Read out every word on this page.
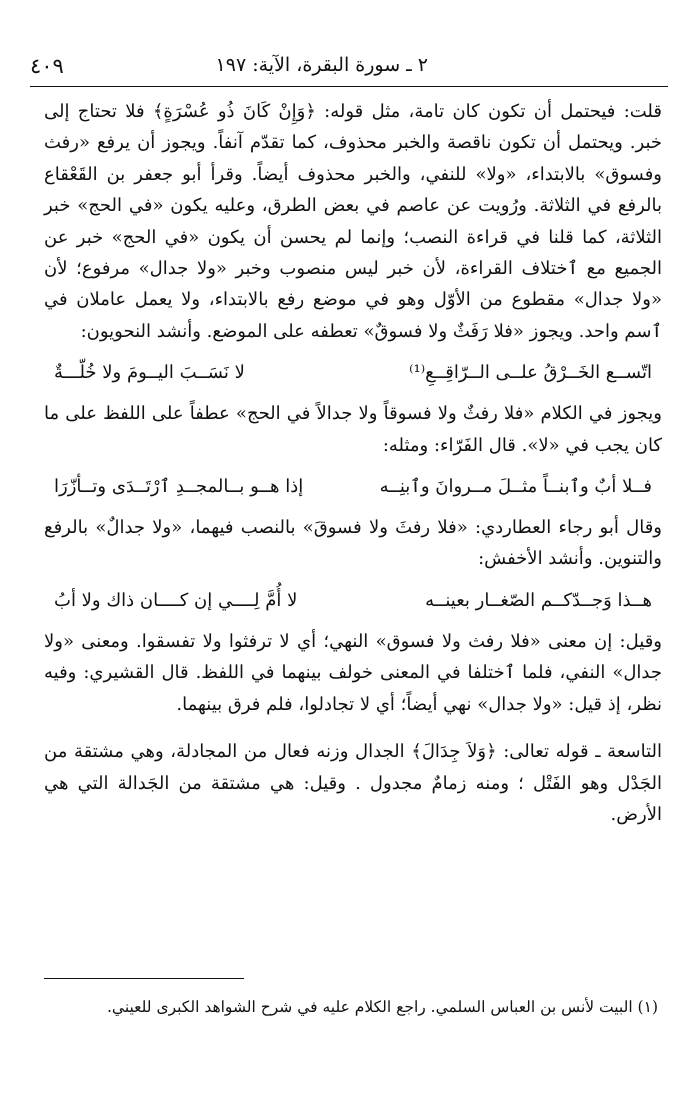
٢ ـ سورة البقرة، الآية: ١٩٧
٤٠٩

قلت: فيحتمل أن تكون كان تامة، مثل قوله: ﴿وَإِنْ كَانَ ذُو عُسْرَةٍ﴾ فلا تحتاج إلى خبر. ويحتمل أن تكون ناقصة والخبر محذوف، كما تقدّم آنفاً. ويجوز أن يرفع «رفث وفسوق» بالابتداء، «ولا» للنفي، والخبر محذوف أيضاً. وقرأ أبو جعفر بن القَعْقاع بالرفع في الثلاثة. ورُويت عن عاصم في بعض الطرق، وعليه يكون «في الحج» خبر الثلاثة، كما قلنا في قراءة النصب؛ وإنما لم يحسن أن يكون «في الحج» خبر عن الجميع مع ٱختلاف القراءة، لأن خبر ليس منصوب وخبر «ولا جدال» مرفوع؛ لأن «ولا جدال» مقطوع من الأوّل وهو في موضع رفع بالابتداء، ولا يعمل عاملان في ٱسم واحد. ويجوز «فلا رَفَثٌ ولا فسوقٌ» تعطفه على الموضع. وأنشد النحويون:

اتّســع الخَــرْقُ علــى الــرّاقِــعِ⁽¹⁾
لا نَسَــبَ اليــومَ ولا خُلّـــةٌ

ويجوز في الكلام «فلا رفثٌ ولا فسوقاً ولا جدالاً في الحج» عطفاً على اللفظ على ما كان يجب في «لا». قال الفَرّاء: ومثله:

فــلا أبٌ وٱبنــاً مثــلَ مــروانَ وٱبنِــه
إذا هــو بــالمجــدِ ٱرْتَــدَى وتــأزّرَا

وقال أبو رجاء العطاردي: «فلا رفثَ ولا فسوقَ» بالنصب فيهما، «ولا جدالٌ» بالرفع والتنوين. وأنشد الأخفش:

هــذا وَجــدّكــم الصّغــار بعينــه
لا أُمَّ لِــــي إن كــــان ذاك ولا أبُ

وقيل: إن معنى «فلا رفث ولا فسوق» النهي؛ أي لا ترفثوا ولا تفسقوا. ومعنى «ولا جدال» النفي، فلما ٱختلفا في المعنى خولف بينهما في اللفظ. قال القشيري: وفيه نظر، إذ قيل: «ولا جدال» نهي أيضاً؛ أي لا تجادلوا، فلم فرق بينهما.

التاسعة ـ قوله تعالى: ﴿وَلاَ جِدَالَ﴾ الجدال وزنه فعال من المجادلة، وهي مشتقة من الجَدْل وهو الفَتْل ؛ ومنه زمامٌ مجدول . وقيل: هي مشتقة من الجَدالة التي هي الأرض.

(١) البيت لأنس بن العباس السلمي. راجع الكلام عليه في شرح الشواهد الكبرى للعيني.
